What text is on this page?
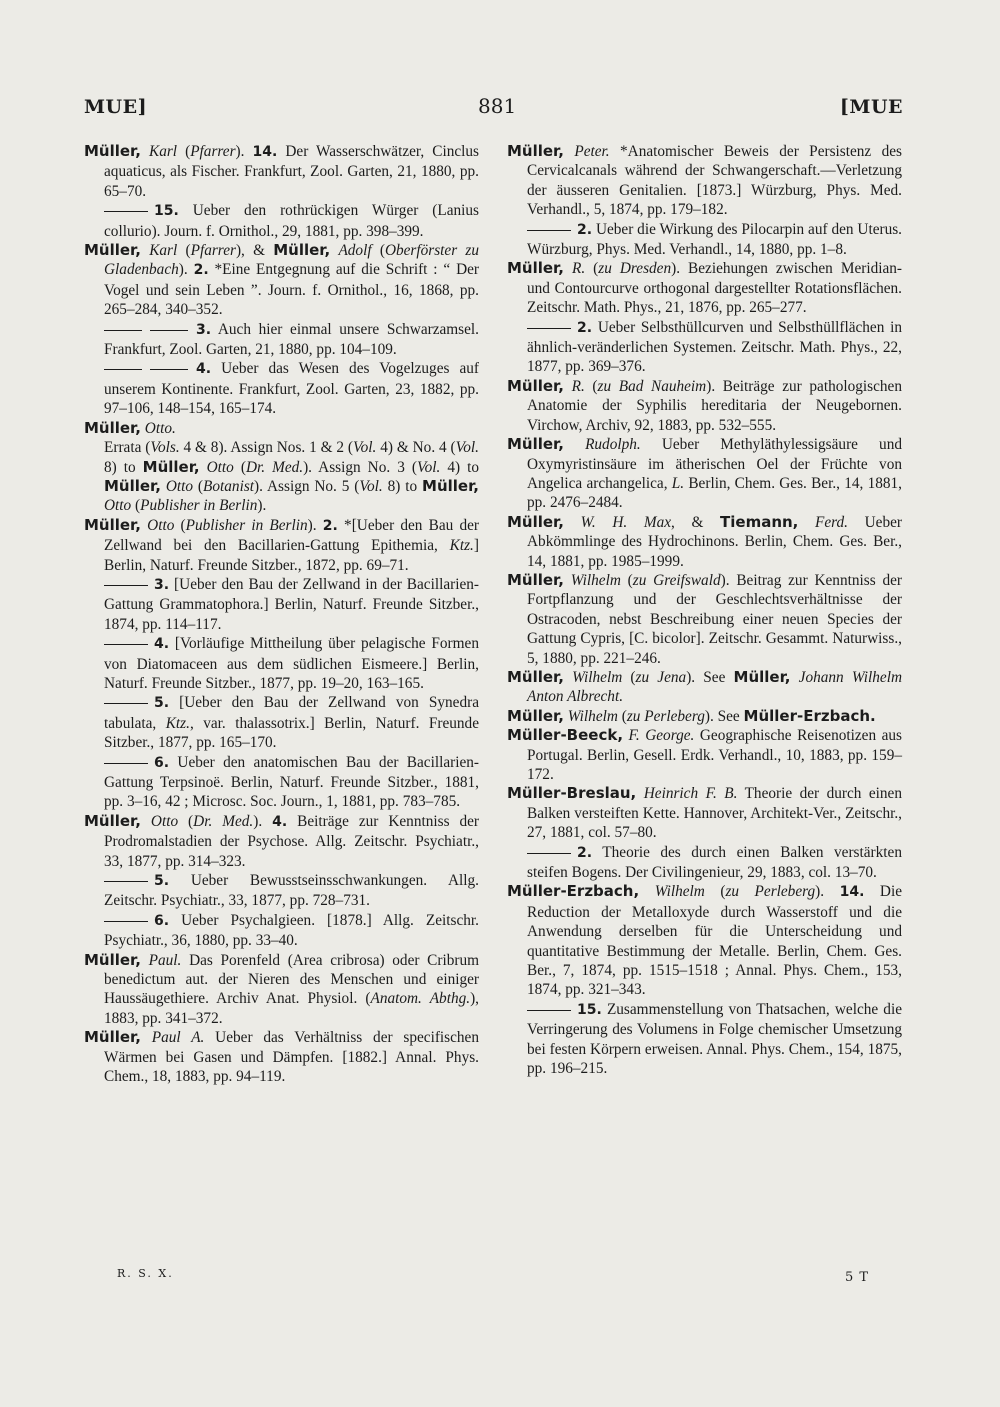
MUE]	881	[MUE

Müller, Karl (Pfarrer). 14. Der Wasserschwätzer, Cinclus aquaticus, als Fischer. Frankfurt, Zool. Garten, 21, 1880, pp. 65–70.

15. Ueber den rothrückigen Würger (Lanius collurio). Journ. f. Ornithol., 29, 1881, pp. 398–399.

Müller, Karl (Pfarrer), & Müller, Adolf (Oberförster zu Gladenbach). 2. *Eine Entgegnung auf die Schrift : “ Der Vogel und sein Leben ”. Journ. f. Ornithol., 16, 1868, pp. 265–284, 340–352.

3. Auch hier einmal unsere Schwarzamsel. Frankfurt, Zool. Garten, 21, 1880, pp. 104–109.

4. Ueber das Wesen des Vogelzuges auf unserem Kontinente. Frankfurt, Zool. Garten, 23, 1882, pp. 97–106, 148–154, 165–174.

Müller, Otto.

Errata (Vols. 4 & 8). Assign Nos. 1 & 2 (Vol. 4) & No. 4 (Vol. 8) to Müller, Otto (Dr. Med.). Assign No. 3 (Vol. 4) to Müller, Otto (Botanist). Assign No. 5 (Vol. 8) to Müller, Otto (Publisher in Berlin).

Müller, Otto (Publisher in Berlin). 2. *[Ueber den Bau der Zellwand bei den Bacillarien-Gattung Epithemia, Ktz.] Berlin, Naturf. Freunde Sitzber., 1872, pp. 69–71.

3. [Ueber den Bau der Zellwand in der Bacillarien-Gattung Grammatophora.] Berlin, Naturf. Freunde Sitzber., 1874, pp. 114–117.

4. [Vorläufige Mittheilung über pelagische Formen von Diatomaceen aus dem südlichen Eismeere.] Berlin, Naturf. Freunde Sitzber., 1877, pp. 19–20, 163–165.

5. [Ueber den Bau der Zellwand von Synedra tabulata, Ktz., var. thalassotrix.] Berlin, Naturf. Freunde Sitzber., 1877, pp. 165–170.

6. Ueber den anatomischen Bau der Bacillarien-Gattung Terpsinoë. Berlin, Naturf. Freunde Sitzber., 1881, pp. 3–16, 42 ; Microsc. Soc. Journ., 1, 1881, pp. 783–785.

Müller, Otto (Dr. Med.). 4. Beiträge zur Kenntniss der Prodromalstadien der Psychose. Allg. Zeitschr. Psychiatr., 33, 1877, pp. 314–323.

5. Ueber Bewusstseinsschwankungen. Allg. Zeitschr. Psychiatr., 33, 1877, pp. 728–731.

6. Ueber Psychalgieen. [1878.] Allg. Zeitschr. Psychiatr., 36, 1880, pp. 33–40.

Müller, Paul. Das Porenfeld (Area cribrosa) oder Cribrum benedictum aut. der Nieren des Menschen und einiger Haussäugethiere. Archiv Anat. Physiol. (Anatom. Abthg.), 1883, pp. 341–372.

Müller, Paul A. Ueber das Verhältniss der specifischen Wärmen bei Gasen und Dämpfen. [1882.] Annal. Phys. Chem., 18, 1883, pp. 94–119.

Müller, Peter. *Anatomischer Beweis der Persistenz des Cervicalcanals während der Schwangerschaft.—Verletzung der äusseren Genitalien. [1873.] Würzburg, Phys. Med. Verhandl., 5, 1874, pp. 179–182.

2. Ueber die Wirkung des Pilocarpin auf den Uterus. Würzburg, Phys. Med. Verhandl., 14, 1880, pp. 1–8.

Müller, R. (zu Dresden). Beziehungen zwischen Meridian- und Contourcurve orthogonal dargestellter Rotationsflächen. Zeitschr. Math. Phys., 21, 1876, pp. 265–277.

2. Ueber Selbsthüllcurven und Selbsthüllflächen in ähnlich-veränderlichen Systemen. Zeitschr. Math. Phys., 22, 1877, pp. 369–376.

Müller, R. (zu Bad Nauheim). Beiträge zur pathologischen Anatomie der Syphilis hereditaria der Neugebornen. Virchow, Archiv, 92, 1883, pp. 532–555.

Müller, Rudolph. Ueber Methyläthylessigsäure und Oxymyristinsäure im ätherischen Oel der Früchte von Angelica archangelica, L. Berlin, Chem. Ges. Ber., 14, 1881, pp. 2476–2484.

Müller, W. H. Max, & Tiemann, Ferd. Ueber Abkömmlinge des Hydrochinons. Berlin, Chem. Ges. Ber., 14, 1881, pp. 1985–1999.

Müller, Wilhelm (zu Greifswald). Beitrag zur Kenntniss der Fortpflanzung und der Geschlechtsverhältnisse der Ostracoden, nebst Beschreibung einer neuen Species der Gattung Cypris, [C. bicolor]. Zeitschr. Gesammt. Naturwiss., 5, 1880, pp. 221–246.

Müller, Wilhelm (zu Jena). See Müller, Johann Wilhelm Anton Albrecht.

Müller, Wilhelm (zu Perleberg). See Müller-Erzbach.

Müller-Beeck, F. George. Geographische Reisenotizen aus Portugal. Berlin, Gesell. Erdk. Verhandl., 10, 1883, pp. 159–172.

Müller-Breslau, Heinrich F. B. Theorie der durch einen Balken versteiften Kette. Hannover, Architekt-Ver., Zeitschr., 27, 1881, col. 57–80.

2. Theorie des durch einen Balken verstärkten steifen Bogens. Der Civilingenieur, 29, 1883, col. 13–70.

Müller-Erzbach, Wilhelm (zu Perleberg). 14. Die Reduction der Metalloxyde durch Wasserstoff und die Anwendung derselben für die Unterscheidung und quantitative Bestimmung der Metalle. Berlin, Chem. Ges. Ber., 7, 1874, pp. 1515–1518 ; Annal. Phys. Chem., 153, 1874, pp. 321–343.

15. Zusammenstellung von Thatsachen, welche die Verringerung des Volumens in Folge chemischer Umsetzung bei festen Körpern erweisen. Annal. Phys. Chem., 154, 1875, pp. 196–215.

R. S. X.	5 T
